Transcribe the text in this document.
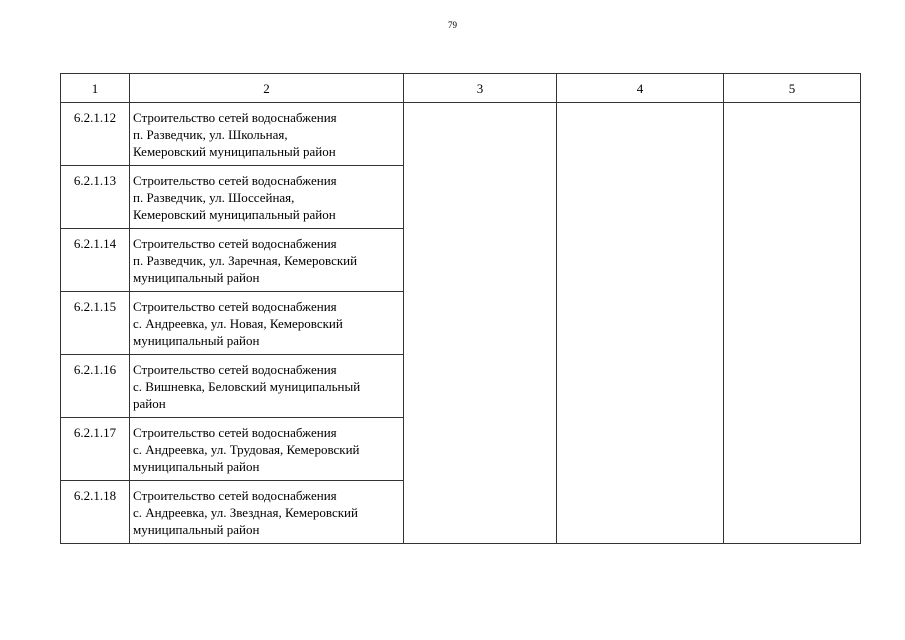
79
1	2	3	4	5
6.2.1.12	Строительство сетей водоснабжения
п. Разведчик, ул. Школьная,
Кемеровский муниципальный район			
6.2.1.13	Строительство сетей водоснабжения
п. Разведчик, ул. Шоссейная,
Кемеровский муниципальный район			
6.2.1.14	Строительство сетей водоснабжения
п. Разведчик, ул. Заречная, Кемеровский
муниципальный район			
6.2.1.15	Строительство сетей водоснабжения
с. Андреевка, ул. Новая, Кемеровский
муниципальный район			
6.2.1.16	Строительство сетей водоснабжения
с. Вишневка, Беловский муниципальный
район			
6.2.1.17	Строительство сетей водоснабжения
с. Андреевка, ул. Трудовая, Кемеровский
муниципальный район			
6.2.1.18	Строительство сетей водоснабжения
с. Андреевка, ул. Звездная, Кемеровский
муниципальный район			
